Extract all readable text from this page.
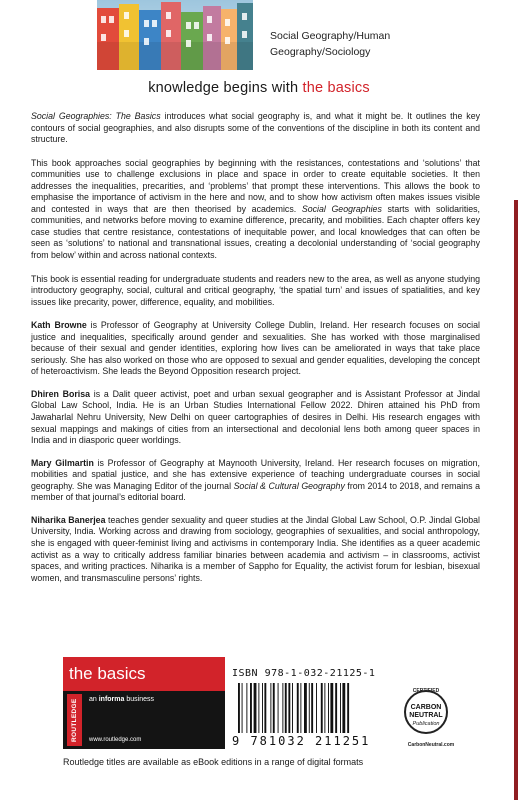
Social Geography/Human Geography/Sociology
knowledge begins with the basics

Social Geographies: The Basics introduces what social geography is, and what it might be. It outlines the key contours of social geographies, and also disrupts some of the conventions of the discipline in both its content and structure.

This book approaches social geographies by beginning with the resistances, contestations and ‘solutions’ that communities use to challenge exclusions in place and space in order to create equitable societies. It then addresses the inequalities, precarities, and ‘problems’ that prompt these interventions. This allows the book to emphasise the importance of activism in the here and now, and to show how activism often makes issues visible and contested in ways that are then theorised by academics. Social Geographies starts with solidarities, communities, and networks before moving to examine difference, precarity, and mobilities. Each chapter offers key case studies that centre resistance, contestations of inequitable power, and local knowledges that can often be seen as ‘solutions’ to national and transnational issues, creating a decolonial understanding of ‘social geography from below’ within and across national contexts.

This book is essential reading for undergraduate students and readers new to the area, as well as anyone studying introductory geography, social, cultural and critical geography, ‘the spatial turn’ and issues of spatialities, and key issues like precarity, power, difference, equality, and mobilities.

Kath Browne is Professor of Geography at University College Dublin, Ireland. Her research focuses on social justice and inequalities, specifically around gender and sexualities. She has worked with those marginalised because of their sexual and gender identities, exploring how lives can be ameliorated in ways that take place seriously. She has also worked on those who are opposed to sexual and gender equalities, developing the concept of heteroactivism. She leads the Beyond Opposition research project.

Dhiren Borisa is a Dalit queer activist, poet and urban sexual geographer and is Assistant Professor at Jindal Global Law School, India. He is an Urban Studies International Fellow 2022. Dhiren attained his PhD from Jawaharlal Nehru University, New Delhi on queer cartographies of desires in Delhi. His research engages with sexual mappings and makings of cities from an intersectional and decolonial lens both among queer spaces in India and in diasporic queer worldings.

Mary Gilmartin is Professor of Geography at Maynooth University, Ireland. Her research focuses on migration, mobilities and spatial justice, and she has extensive experience of teaching undergraduate courses in social geography. She was Managing Editor of the journal Social & Cultural Geography from 2014 to 2018, and remains a member of that journal’s editorial board.

Niharika Banerjea teaches gender sexuality and queer studies at the Jindal Global Law School, O.P. Jindal Global University, India. Working across and drawing from sociology, geographies of sexualities, and social anthropology, she is engaged with queer-feminist living and activisms in contemporary India. She identifies as a queer academic activist as a way to critically address familiar binaries between academia and activism – in classrooms, activist spaces, and writing practices. Niharika is a member of Sappho for Equality, the activist forum for lesbian, bisexual women, and transmasculine persons’ rights.

the basics
ROUTLEDGE	an informa business
www.routledge.com
ISBN 978-1-032-21125-1
9 781032 211251
CERTIFIED
CARBON NEUTRAL
Publication
CarbonNeutral.com
Routledge titles are available as eBook editions in a range of digital formats
